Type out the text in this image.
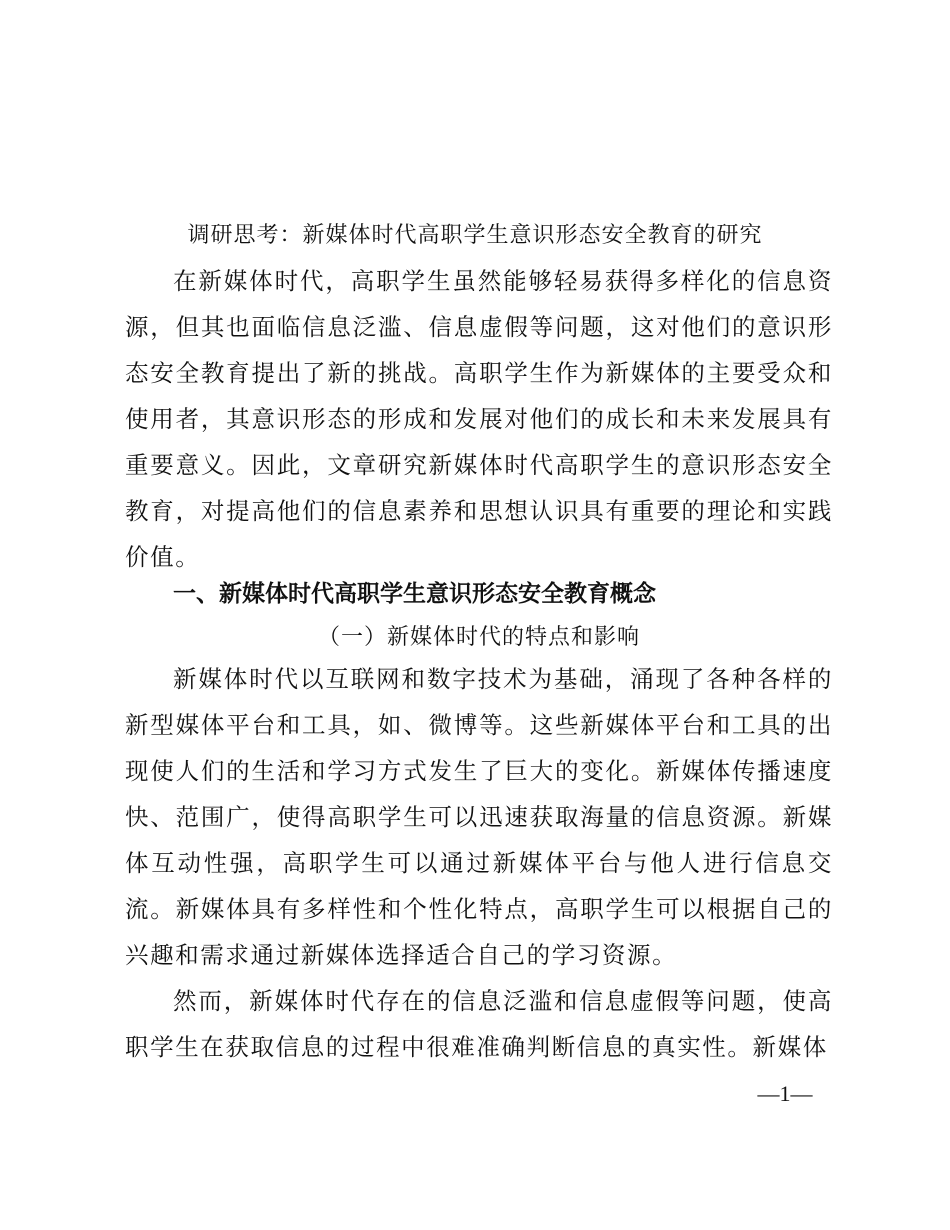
调研思考：新媒体时代高职学生意识形态安全教育的研究

在新媒体时代，高职学生虽然能够轻易获得多样化的信息资源，但其也面临信息泛滥、信息虚假等问题，这对他们的意识形态安全教育提出了新的挑战。高职学生作为新媒体的主要受众和使用者，其意识形态的形成和发展对他们的成长和未来发展具有重要意义。因此，文章研究新媒体时代高职学生的意识形态安全教育，对提高他们的信息素养和思想认识具有重要的理论和实践价值。

一、新媒体时代高职学生意识形态安全教育概念
（一）新媒体时代的特点和影响

新媒体时代以互联网和数字技术为基础，涌现了各种各样的新型媒体平台和工具，如、微博等。这些新媒体平台和工具的出现使人们的生活和学习方式发生了巨大的变化。新媒体传播速度快、范围广，使得高职学生可以迅速获取海量的信息资源。新媒体互动性强，高职学生可以通过新媒体平台与他人进行信息交流。新媒体具有多样性和个性化特点，高职学生可以根据自己的兴趣和需求通过新媒体选择适合自己的学习资源。

然而，新媒体时代存在的信息泛滥和信息虚假等问题，使高职学生在获取信息的过程中很难准确判断信息的真实性。新媒体

—1—
